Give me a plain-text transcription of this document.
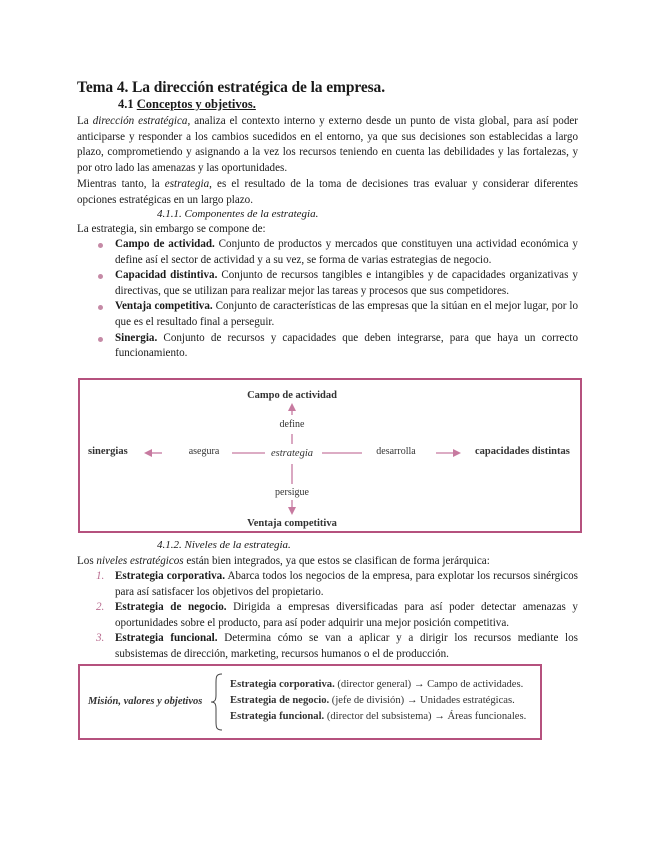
Tema 4. La dirección estratégica de la empresa.
4.1 Conceptos y objetivos.
La dirección estratégica, analiza el contexto interno y externo desde un punto de vista global, para así poder anticiparse y responder a los cambios sucedidos en el entorno, ya que sus decisiones son establecidas a largo plazo, comprometiendo y asignando a la vez los recursos teniendo en cuenta las debilidades y las fortalezas, y por otro lado las amenazas y las oportunidades.
Mientras tanto, la estrategia, es el resultado de la toma de decisiones tras evaluar y considerar diferentes opciones estratégicas en un largo plazo.
4.1.1. Componentes de la estrategia.
La estrategia, sin embargo se compone de:
Campo de actividad. Conjunto de productos y mercados que constituyen una actividad económica y define así el sector de actividad y a su vez, se forma de varias estrategias de negocio.
Capacidad distintiva. Conjunto de recursos tangibles e intangibles y de capacidades organizativas y directivas, que se utilizan para realizar mejor las tareas y procesos que sus competidores.
Ventaja competitiva. Conjunto de características de las empresas que la sitúan en el mejor lugar, por lo que es el resultado final a perseguir.
Sinergia. Conjunto de recursos y capacidades que deben integrarse, para que haya un correcto funcionamiento.
Campo de actividad
define
estrategia
sinergias	asegura	desarrolla	capacidades distintas
persigue
Ventaja competitiva
4.1.2. Niveles de la estrategia.
Los niveles estratégicos están bien integrados, ya que estos se clasifican de forma jerárquica:
1. Estrategia corporativa. Abarca todos los negocios de la empresa, para explotar los recursos sinérgicos para así satisfacer los objetivos del propietario.
2. Estrategia de negocio. Dirigida a empresas diversificadas para así poder detectar amenazas y oportunidades sobre el producto, para así poder adquirir una mejor posición competitiva.
3. Estrategia funcional. Determina cómo se van a aplicar y a dirigir los recursos mediante los subsistemas de dirección, marketing, recursos humanos o el de producción.
Misión, valores y objetivos
Estrategia corporativa. (director general) → Campo de actividades.
Estrategia de negocio. (jefe de división) → Unidades estratégicas.
Estrategia funcional. (director del subsistema) → Áreas funcionales.
